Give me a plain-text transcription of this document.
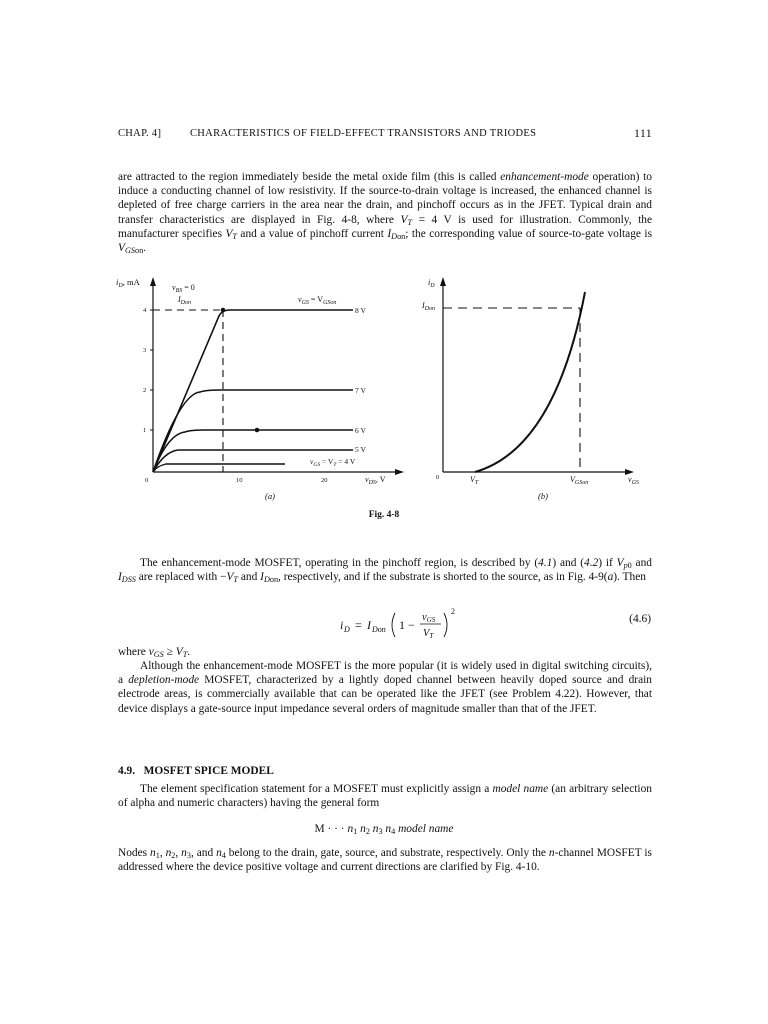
CHAP. 4]	CHARACTERISTICS OF FIELD-EFFECT TRANSISTORS AND TRIODES	111

are attracted to the region immediately beside the metal oxide film (this is called enhancement-mode operation) to induce a conducting channel of low resistivity. If the source-to-drain voltage is increased, the enhanced channel is depleted of free charge carriers in the area near the drain, and pinchoff occurs as in the JFET. Typical drain and transfer characteristics are displayed in Fig. 4-8, where $V_T = 4$ V is used for illustration. Commonly, the manufacturer specifies $V_T$ and a value of pinchoff current $I_{Don}$; the corresponding value of source-to-gate voltage is $V_{GSon}$.

$i_D$, mA
$v_{BS} = 0$
$I_{Don}$	$v_{GS} = V_{GSon}$
4
3
2
1
0	10	20
8 V
7 V
6 V
5 V
$v_{GS} = V_T = 4$ V
$v_{DS}$, V
(a)
$i_D$
$I_{Don}$
0	$V_T$	$V_{GSon}$	$v_{GS}$
(b)
Fig. 4-8

The enhancement-mode MOSFET, operating in the pinchoff region, is described by (4.1) and (4.2) if $V_{p0}$ and $I_{DSS}$ are replaced with $-V_T$ and $I_{Don}$, respectively, and if the substrate is shorted to the source, as in Fig. 4-9(a). Then

i D = I Don 1 −
vGS
VT
2
(4.6)

where $v_{GS} \ge V_T$.

Although the enhancement-mode MOSFET is the more popular (it is widely used in digital switching circuits), a depletion-mode MOSFET, characterized by a lightly doped channel between heavily doped source and drain electrode areas, is commercially available that can be operated like the JFET (see Problem 4.22). However, that device displays a gate-source input impedance several orders of magnitude smaller than that of the JFET.

4.9. MOSFET SPICE MODEL

The element specification statement for a MOSFET must explicitly assign a model name (an arbitrary selection of alpha and numeric characters) having the general form

M · · · $n_1$ $n_2$ $n_3$ $n_4$ model name

Nodes $n_1$, $n_2$, $n_3$, and $n_4$ belong to the drain, gate, source, and substrate, respectively. Only the n-channel MOSFET is addressed where the device positive voltage and current directions are clarified by Fig. 4-10.
